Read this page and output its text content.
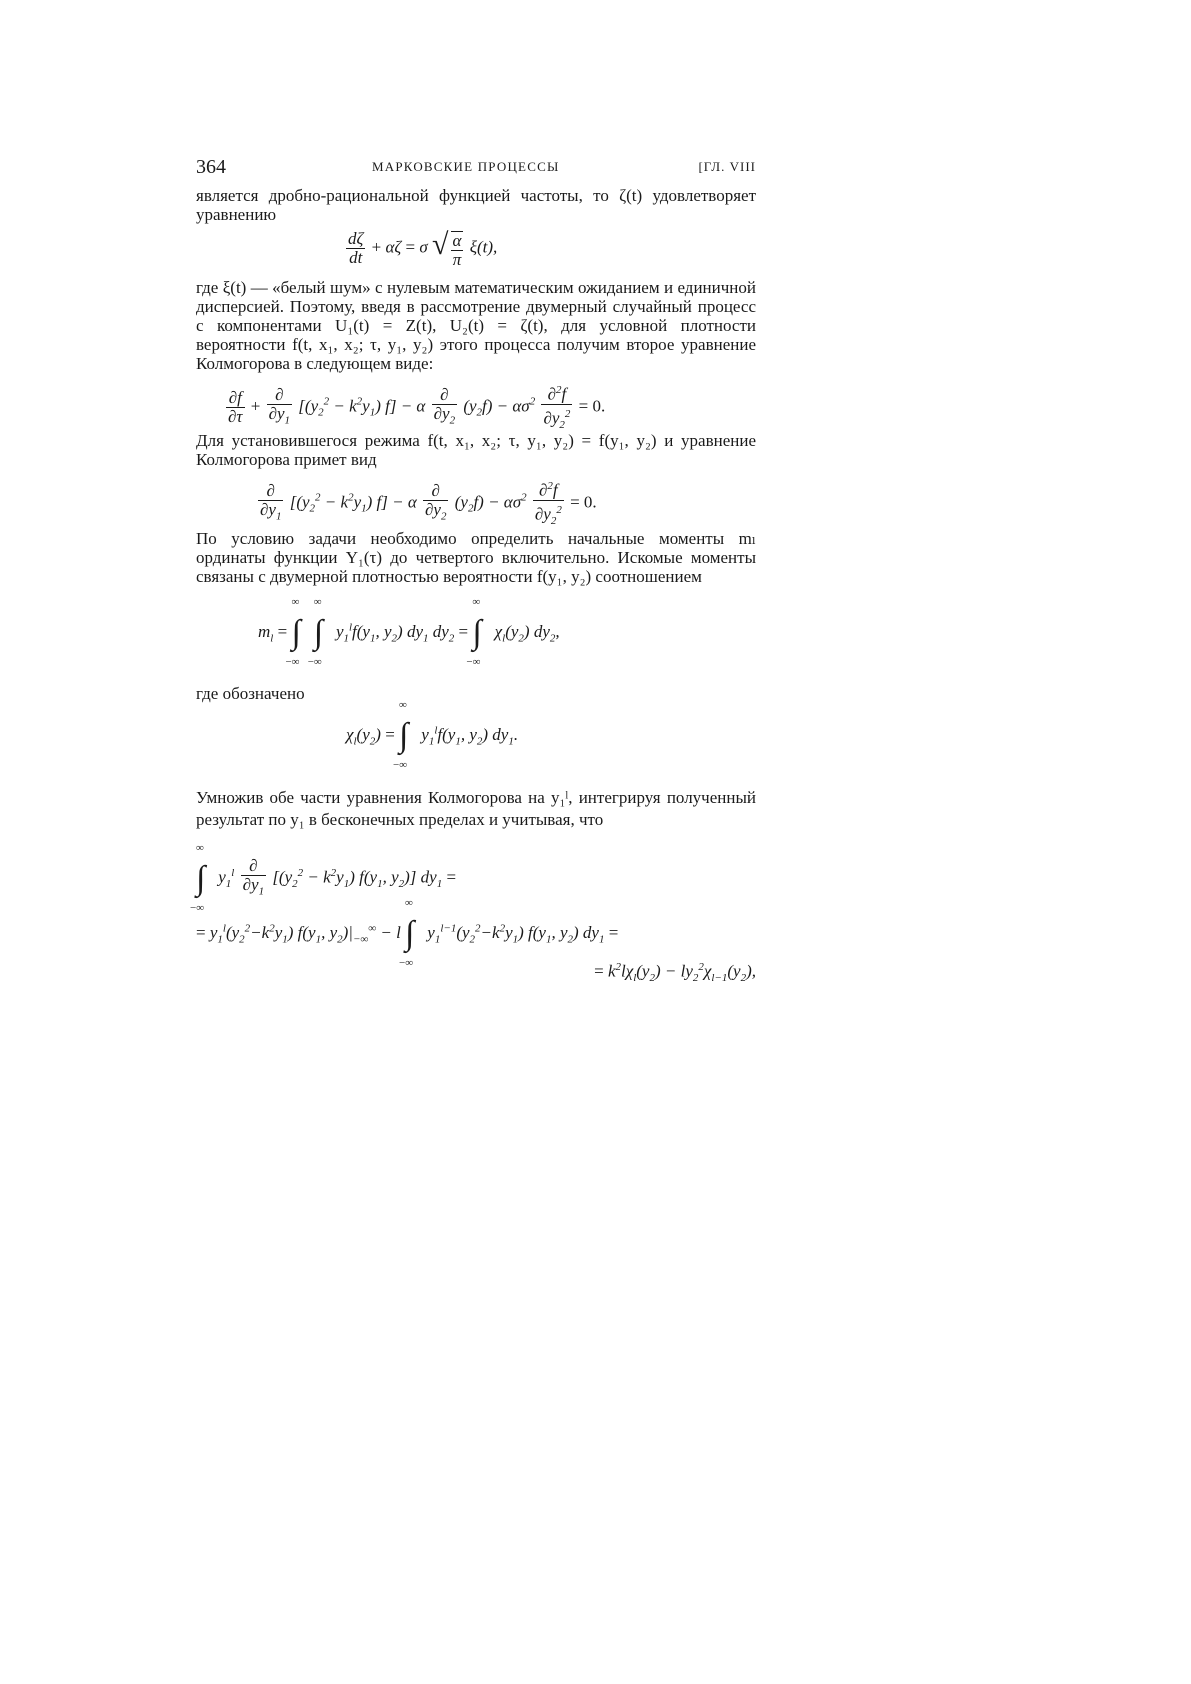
364	МАРКОВСКИЕ ПРОЦЕССЫ	[ГЛ. VIII

является дробно-рациональной функцией частоты, то ζ(t) удовлетворяет уравнению

$\frac{d\zeta}{dt} + \alpha\zeta = \sigma$ √ $\frac{\alpha}{\pi} \xi(t)$,

где ξ(t) — «белый шум» с нулевым математическим ожиданием и единичной дисперсией. Поэтому, введя в рассмотрение двумерный случайный процесс с компонентами U₁(t) = Z(t), U₂(t) = ζ(t), для условной плотности вероятности f(t, x₁, x₂; τ, y₁, y₂) этого процесса получим второе уравнение Колмогорова в следующем виде:

$\frac{\partial f}{\partial\tau} + \frac{\partial}{\partial y_1} [(y_2^2 - k^2y_1) f] - \alpha \frac{\partial}{\partial y_2} (y_2f) - \alpha\sigma^2 \frac{\partial^2f}{\partial y_2^2} = 0$.

Для установившегося режима f(t, x₁, x₂; τ, y₁, y₂) = f(y₁, y₂) и уравнение Колмогорова примет вид

$\frac{\partial}{\partial y_1} [(y_2^2 - k^2y_1) f] - \alpha \frac{\partial}{\partial y_2} (y_2f) - \alpha\sigma^2 \frac{\partial^2f}{\partial y_2^2} = 0$.

По условию задачи необходимо определить начальные моменты mₗ ординаты функции Y₁(τ) до четвертого включительно. Искомые моменты связаны с двумерной плотностью вероятности f(y₁, y₂) соотношением

$m_l$ = ∫
∞
−∞
∫
∞
−∞
$y_1^lf(y_1$, $y_2$) $dy_1$ $dy_2$ = ∫
∞
−∞
$\chi_l(y_2)$ $dy_2$,

где обозначено

$\chi_l(y_2)$ = ∫
∞
−∞
$y_1^lf(y_1$, $y_2$) $dy_1$.

Умножив обе части уравнения Колмогорова на y₁ˡ, интегрируя полученный результат по y₁ в бесконечных пределах и учитывая, что

∫
∞
−∞
$y_1^l \frac{\partial}{\partial y_1} [(y_2^2 - k^2y_1)$ $f(y_1$, $y_2$)] $dy_1$ =
= $y_1^l(y_2^2-k^2y_1)$ $f(y_1$, $y_2)|_{-\infty}^\infty - l$ ∫
∞
−∞
$y_1^{l-1}(y_2^2-k^2y_1)$ $f(y_1$, $y_2$) $dy_1$ =
= $k^2l\chi_l(y_2) - ly_2^2\chi_{l-1}(y_2)$,
